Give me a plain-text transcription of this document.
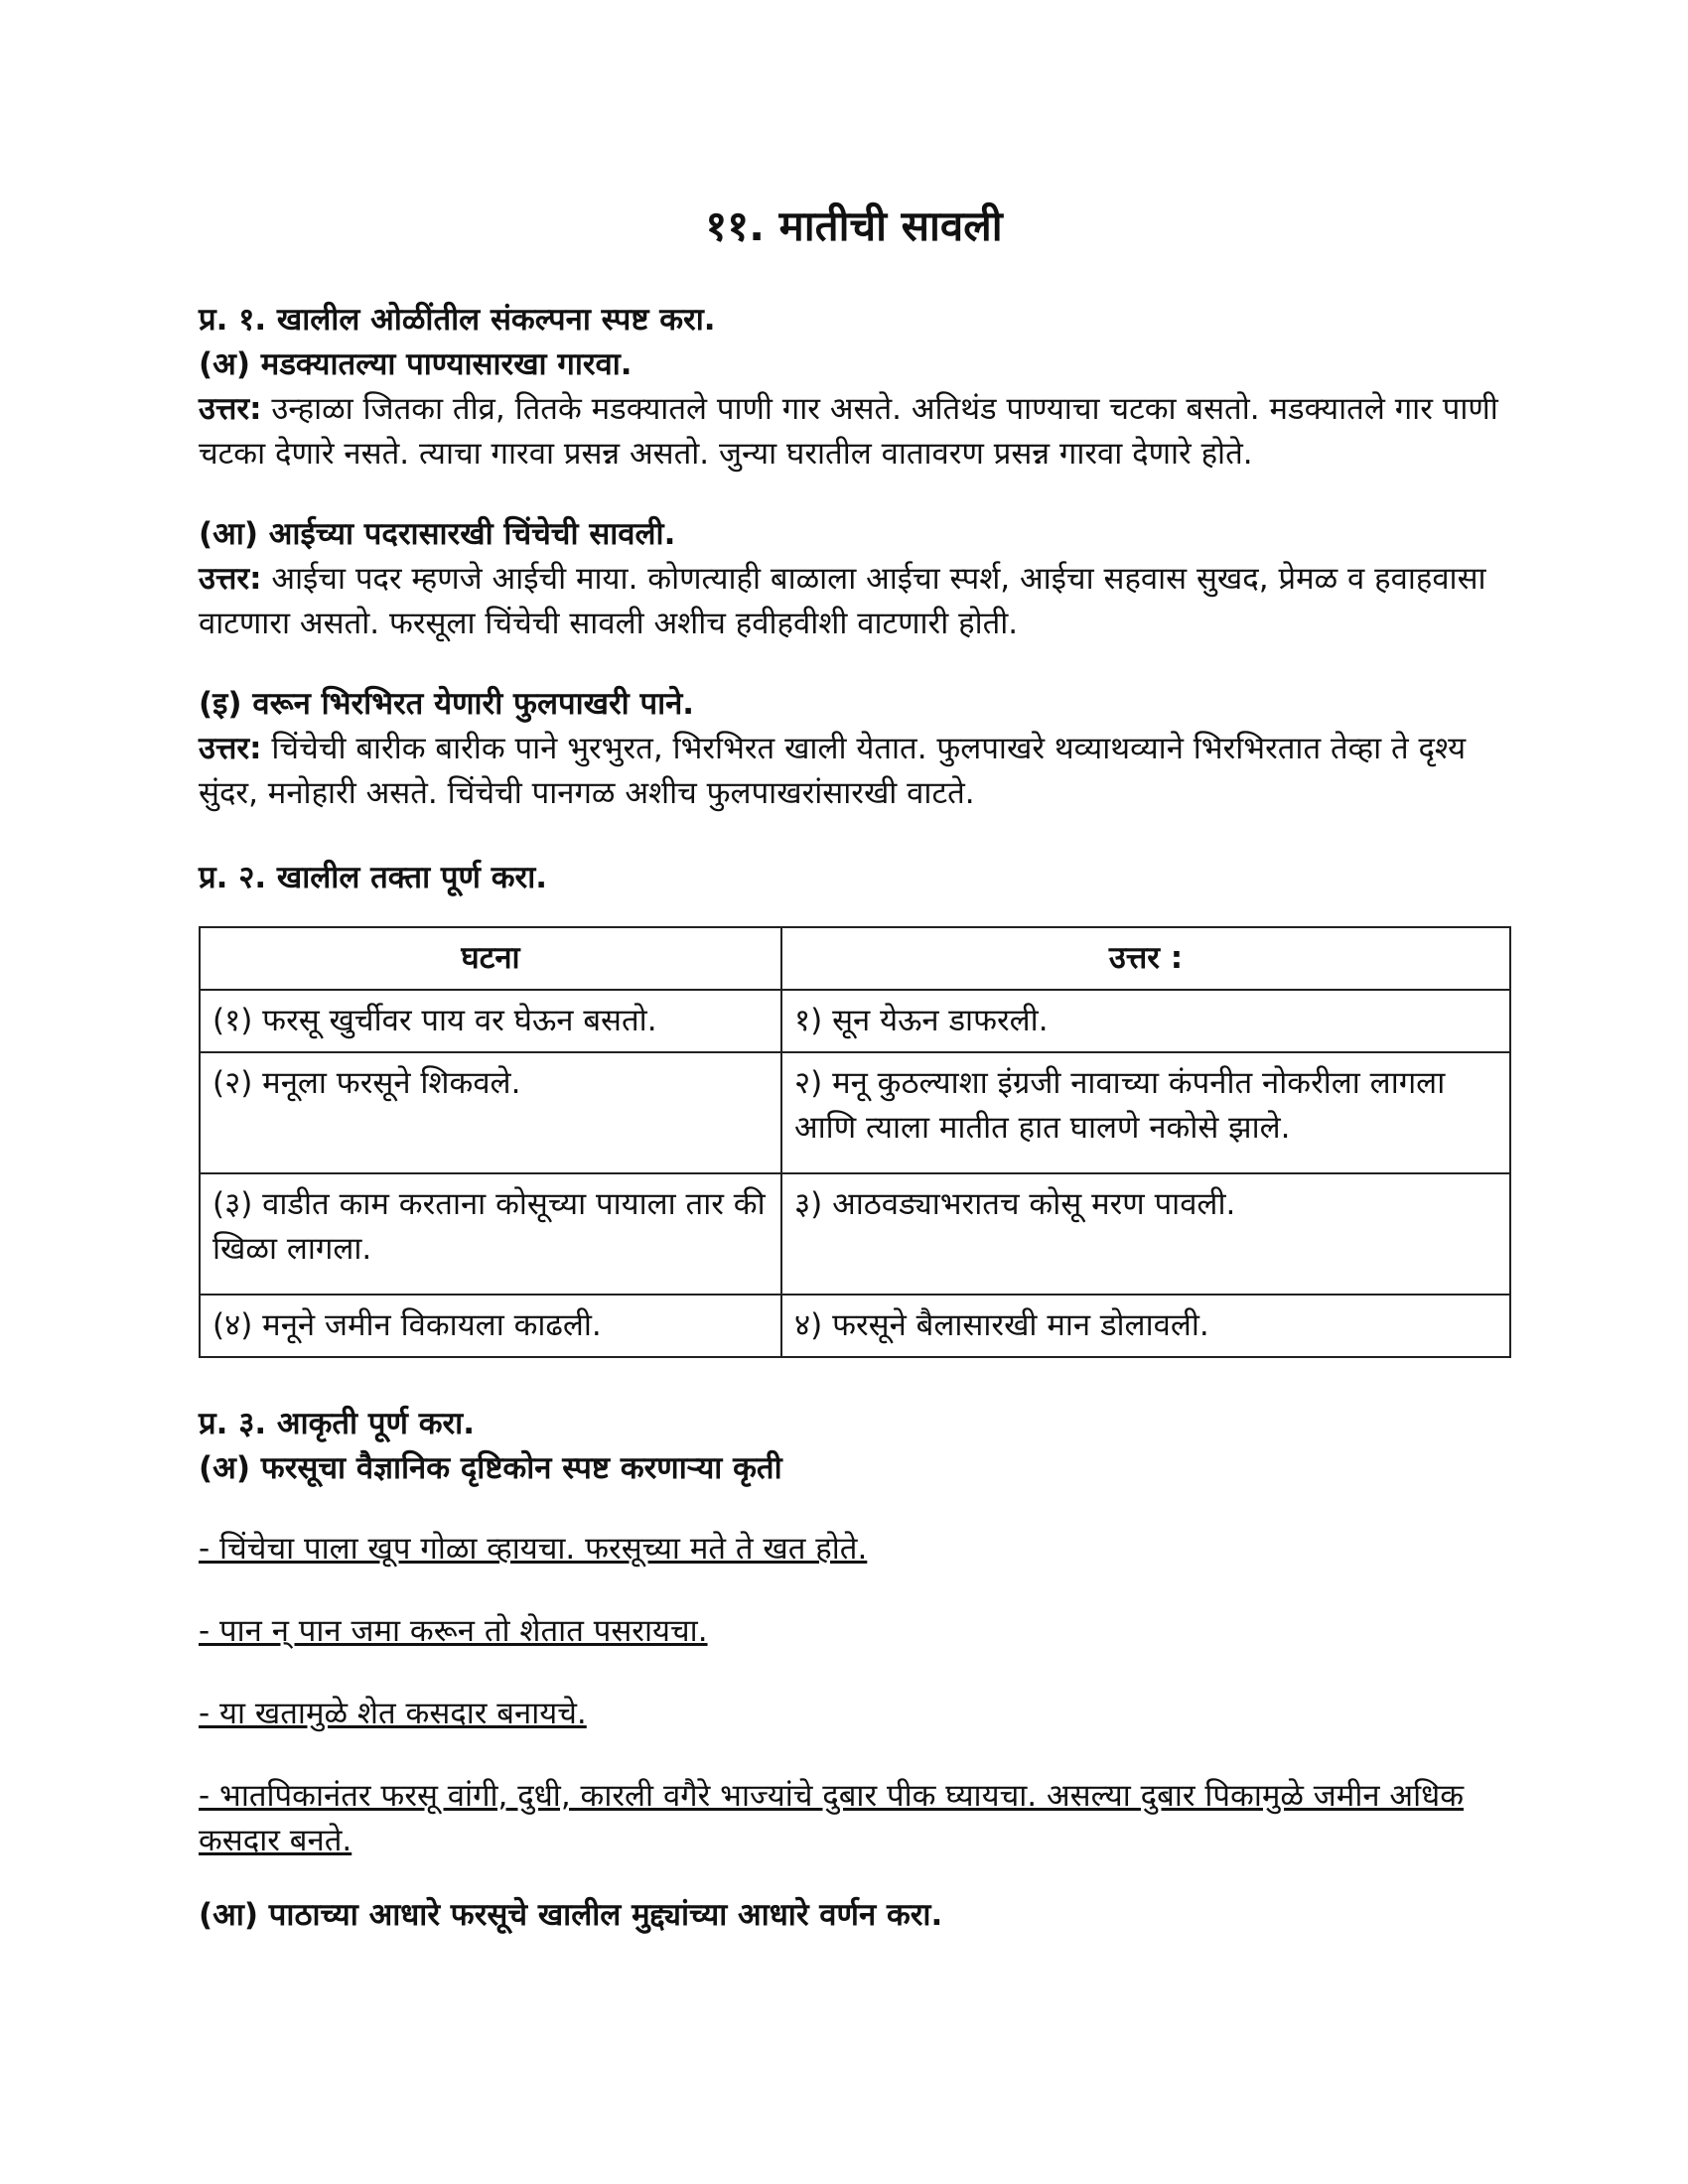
११. मातीची सावली
प्र. १. खालील ओळींतील संकल्पना स्पष्ट करा.
(अ) मडक्यातल्या पाण्यासारखा गारवा.
उत्तर: उन्हाळा जितका तीव्र, तितके मडक्यातले पाणी गार असते. अतिथंड पाण्याचा चटका बसतो. मडक्यातले गार पाणी चटका देणारे नसते. त्याचा गारवा प्रसन्न असतो. जुन्या घरातील वातावरण प्रसन्न गारवा देणारे होते.
(आ) आईच्या पदरासारखी चिंचेची सावली.
उत्तर: आईचा पदर म्हणजे आईची माया. कोणत्याही बाळाला आईचा स्पर्श, आईचा सहवास सुखद, प्रेमळ व हवाहवासा वाटणारा असतो. फरसूला चिंचेची सावली अशीच हवीहवीशी वाटणारी होती.
(इ) वरून भिरभिरत येणारी फुलपाखरी पाने.
उत्तर: चिंचेची बारीक बारीक पाने भुरभुरत, भिरभिरत खाली येतात. फुलपाखरे थव्याथव्याने भिरभिरतात तेव्हा ते दृश्य सुंदर, मनोहारी असते. चिंचेची पानगळ अशीच फुलपाखरांसारखी वाटते.
प्र. २. खालील तक्ता पूर्ण करा.
घटना	उत्तर :
(१) फरसू खुर्चीवर पाय वर घेऊन बसतो.	१) सून येऊन डाफरली.
(२) मनूला फरसूने शिकवले.	२) मनू कुठल्याशा इंग्रजी नावाच्या कंपनीत नोकरीला लागला आणि त्याला मातीत हात घालणे नकोसे झाले.
(३) वाडीत काम करताना कोसूच्या पायाला तार की खिळा लागला.	३) आठवड्याभरातच कोसू मरण पावली.
(४) मनूने जमीन विकायला काढली.	४) फरसूने बैलासारखी मान डोलावली.
प्र. ३. आकृती पूर्ण करा.
(अ) फरसूचा वैज्ञानिक दृष्टिकोन स्पष्ट करणाऱ्या कृती
- चिंचेचा पाला खूप गोळा व्हायचा. फरसूच्या मते ते खत होते.
- पान न् पान जमा करून तो शेतात पसरायचा.
- या खतामुळे शेत कसदार बनायचे.
- भातपिकानंतर फरसू वांगी, दुधी, कारली वगैरे भाज्यांचे दुबार पीक घ्यायचा. असल्या दुबार पिकामुळे जमीन अधिक कसदार बनते.
(आ) पाठाच्या आधारे फरसूचे खालील मुद्द्यांच्या आधारे वर्णन करा.
